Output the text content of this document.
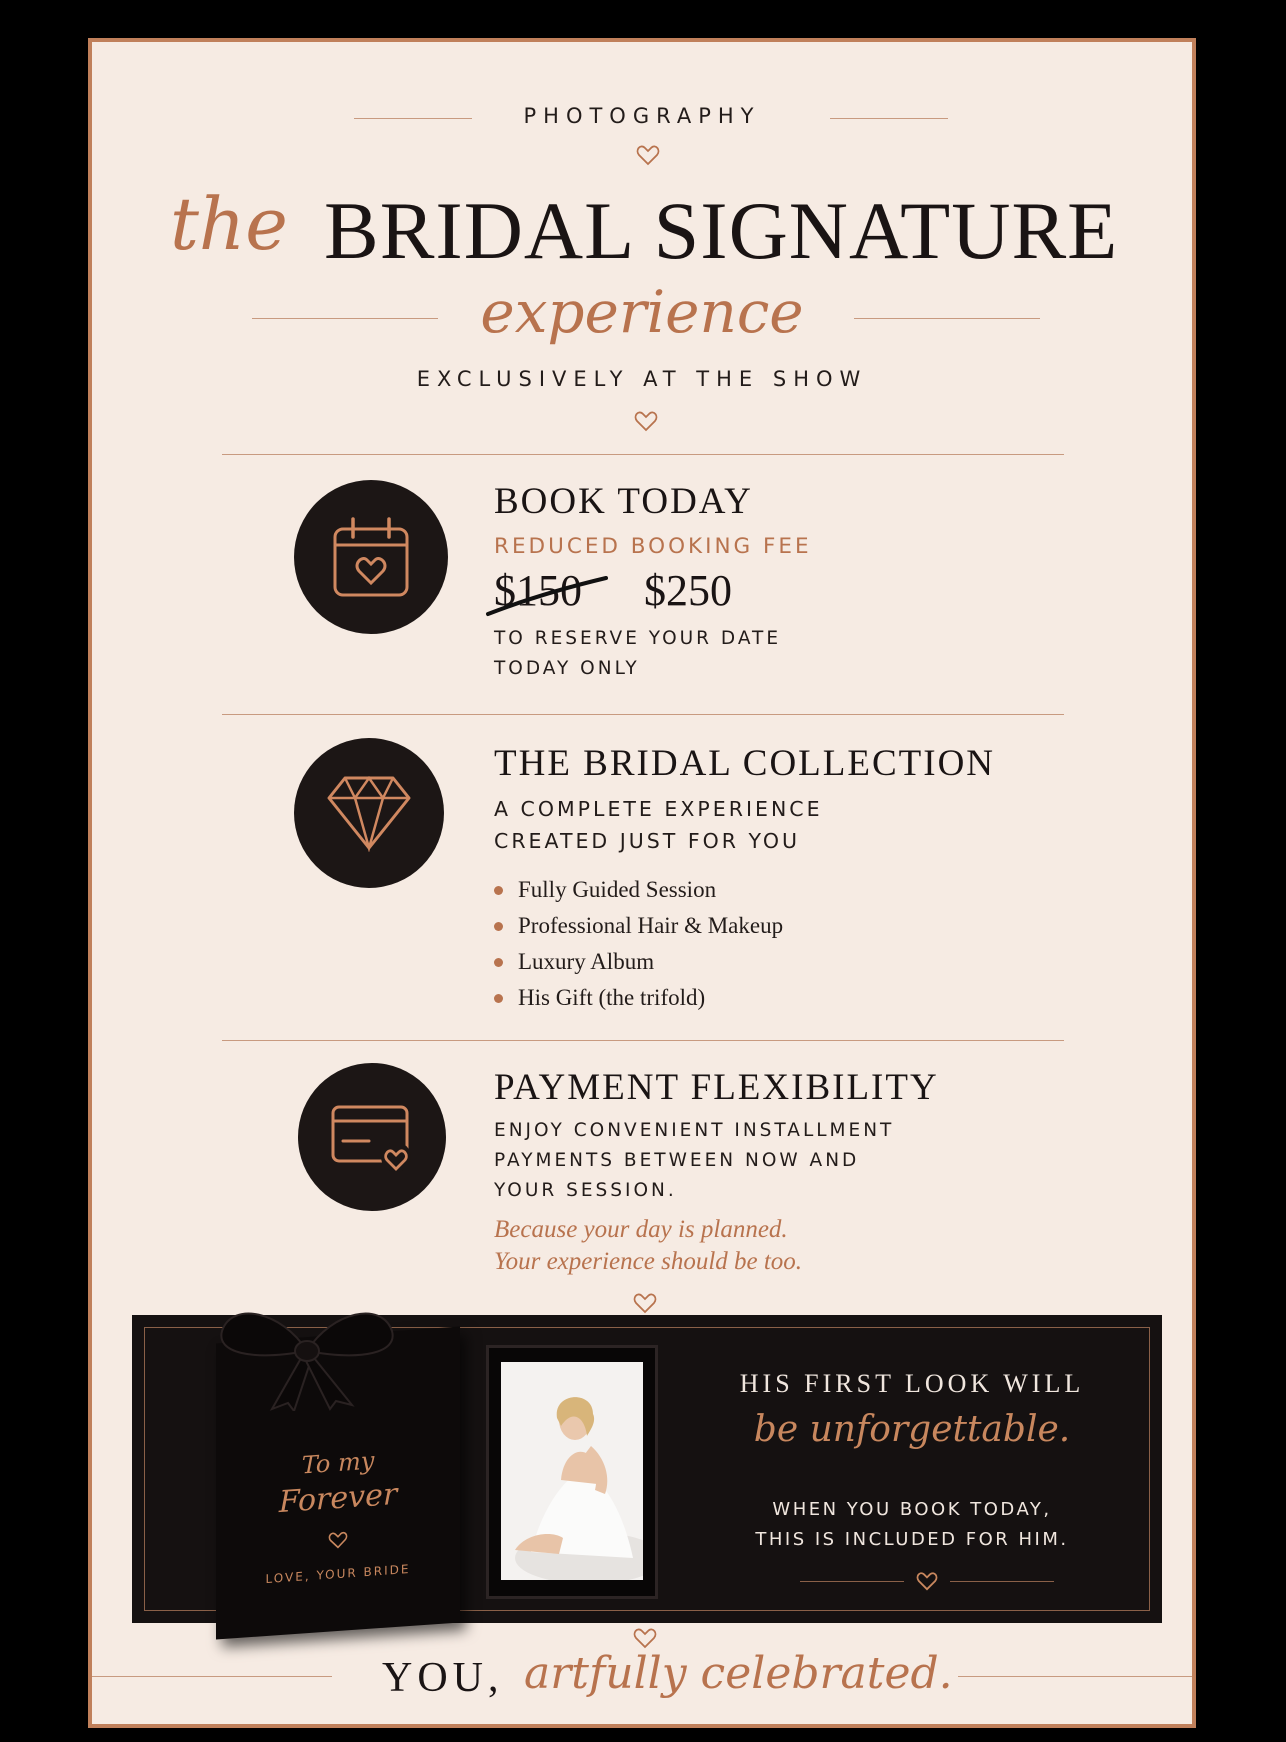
PHOTOGRAPHY
the BRIDAL SIGNATURE
experience
EXCLUSIVELY AT THE SHOW
BOOK TODAY
REDUCED BOOKING FEE
$150 $250
TO RESERVE YOUR DATE
TODAY ONLY
THE BRIDAL COLLECTION
A COMPLETE EXPERIENCE
CREATED JUST FOR YOU
Fully Guided Session
Professional Hair & Makeup
Luxury Album
His Gift (the trifold)
PAYMENT FLEXIBILITY
ENJOY CONVENIENT INSTALLMENT
PAYMENTS BETWEEN NOW AND
YOUR SESSION.
Because your day is planned.
Your experience should be too.
To my
Forever
LOVE, YOUR BRIDE
HIS FIRST LOOK WILL
be unforgettable.
WHEN YOU BOOK TODAY,
THIS IS INCLUDED FOR HIM.
YOU, artfully celebrated.
